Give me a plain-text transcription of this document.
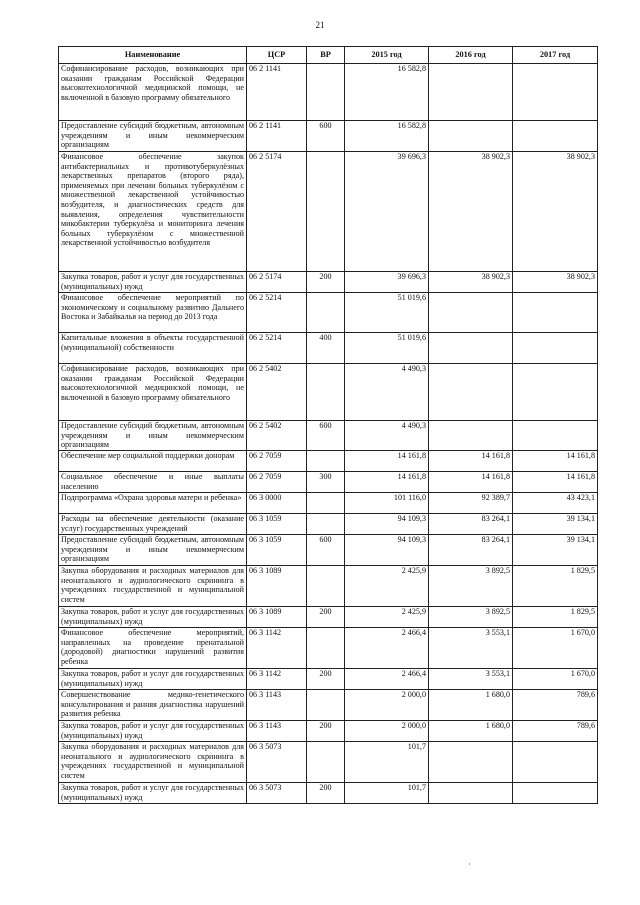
21
Наименование	ЦСР	ВР	2015 год	2016 год	2017 год
Софинансирование расходов, возникающих при оказании гражданам Российской Федерации высокотехнологичной медицинской помощи, не включенной в базовую программу обязательного	06 2 1141		16 582,8		
Предоставление субсидий бюджетным, автономным учреждениям и иным некоммерческим организациям	06 2 1141	600	16 582,8		
Финансовое обеспечение закупок антибактериальных и противотуберкулёзных лекарственных препаратов (второго ряда), применяемых при лечении больных туберкулёзом с множественной лекарственной устойчивостью возбудителя, и диагностических средств для выявления, определения чувствительности микобактерии туберкулёза и мониторинга лечения больных туберкулёзом с множественной лекарственной устойчивостью возбудителя	06 2 5174		39 696,3	38 902,3	38 902,3
Закупка товаров, работ и услуг для государственных (муниципальных) нужд	06 2 5174	200	39 696,3	38 902,3	38 902,3
Финансовое обеспечение мероприятий по экономическому и социальному развитию Дальнего Востока и Забайкалья на период до 2013 года	06 2 5214		51 019,6		
Капитальные вложения в объекты государственной (муниципальной) собственности	06 2 5214	400	51 019,6		
Софинансирование расходов, возникающих при оказании гражданам Российской Федерации высокотехнологичной медицинской помощи, не включенной в базовую программу обязательного	06 2 5402		4 490,3		
Предоставление субсидий бюджетным, автономным учреждениям и иным некоммерческим организациям	06 2 5402	600	4 490,3		
Обеспечение мер социальной поддержки донорам	06 2 7059		14 161,8	14 161,8	14 161,8
Социальное обеспечение и иные выплаты населению	06 2 7059	300	14 161,8	14 161,8	14 161,8
Подпрограмма «Охрана здоровья матери и ребенка»	06 3 0000		101 116,0	92 389,7	43 423,1
Расходы на обеспечение деятельности (оказание услуг) государственных учреждений	06 3 1059		94 109,3	83 264,1	39 134,1
Предоставление субсидий бюджетным, автономным учреждениям и иным некоммерческим организациям	06 3 1059	600	94 109,3	83 264,1	39 134,1
Закупка оборудования и расходных материалов для неонатального и аудиологического скрининга в учреждениях государственной и муниципальной систем	06 3 1089		2 425,9	3 892,5	1 829,5
Закупка товаров, работ и услуг для государственных (муниципальных) нужд	06 3 1089	200	2 425,9	3 892,5	1 829,5
Финансовое обеспечение мероприятий, направленных на проведение пренатальной (дородовой) диагностики нарушений развития ребенка	06 3 1142		2 466,4	3 553,1	1 670,0
Закупка товаров, работ и услуг для государственных (муниципальных) нужд	06 3 1142	200	2 466,4	3 553,1	1 670,0
Совершенствование медико-генетического консультирования и ранняя диагностика нарушений развития ребенка	06 3 1143		2 000,0	1 680,0	789,6
Закупка товаров, работ и услуг для государственных (муниципальных) нужд	06 3 1143	200	2 000,0	1 680,0	789,6
Закупка оборудования и расходных материалов для неонатального и аудиологического скрининга в учреждениях государственной и муниципальной систем	06 3 5073		101,7		
Закупка товаров, работ и услуг для государственных (муниципальных) нужд	06 3 5073	200	101,7		
·
